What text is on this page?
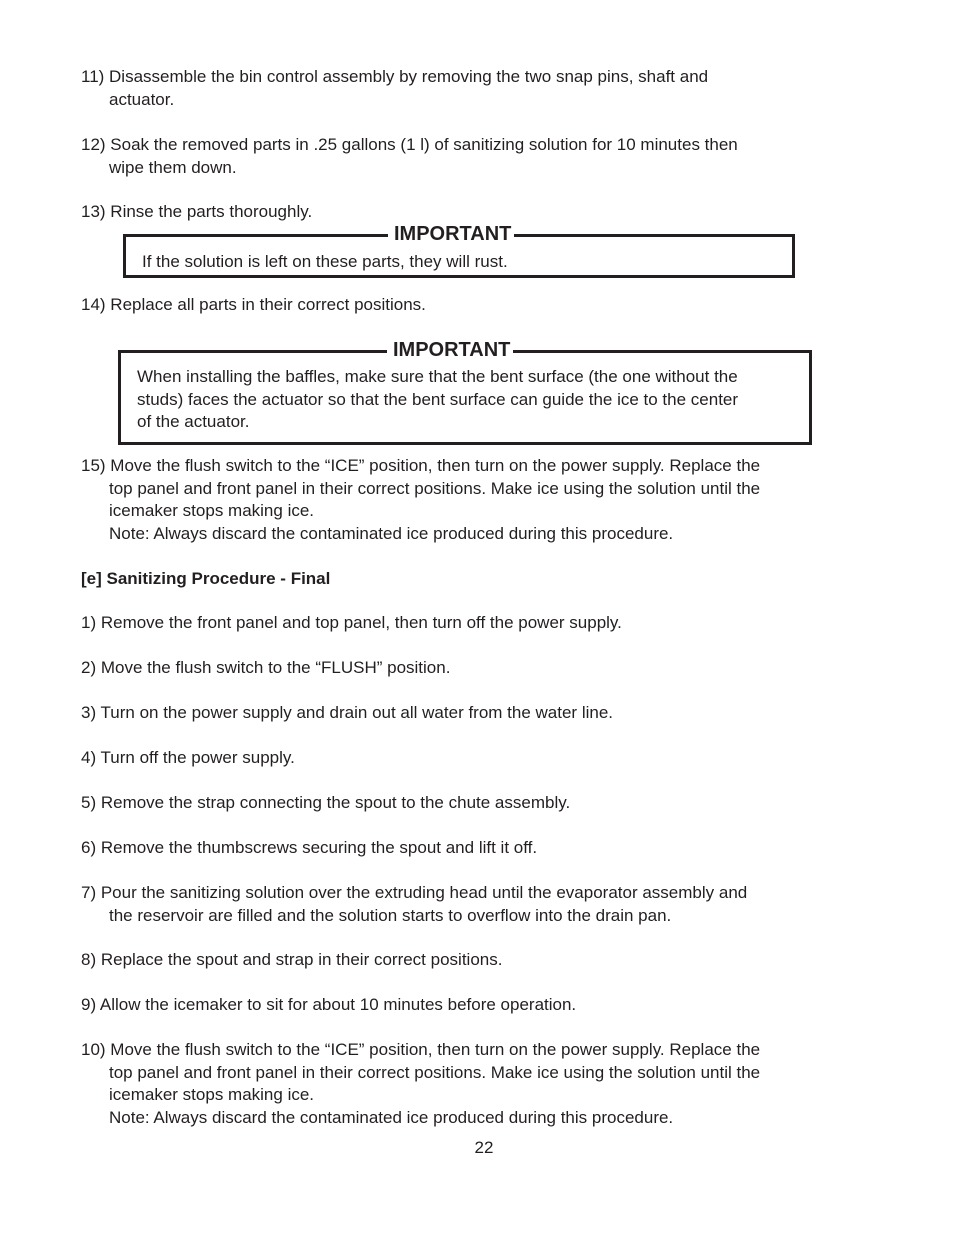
11) Disassemble the bin control assembly by removing the two snap pins, shaft and
actuator.
12) Soak the removed parts in .25 gallons (1 l) of sanitizing solution for 10 minutes then
wipe them down.
13) Rinse the parts thoroughly.
IMPORTANT
If the solution is left on these parts, they will rust.
14) Replace all parts in their correct positions.
IMPORTANT
When installing the baffles, make sure that the bent surface (the one without the
studs) faces the actuator so that the bent surface can guide the ice to the center
of the actuator.
15) Move the flush switch to the “ICE” position, then turn on the power supply. Replace the
top panel and front panel in their correct positions. Make ice using the solution until the
icemaker stops making ice.
Note: Always discard the contaminated ice produced during this procedure.
[e] Sanitizing Procedure - Final
1) Remove the front panel and top panel, then turn off the power supply.
2) Move the flush switch to the “FLUSH” position.
3) Turn on the power supply and drain out all water from the water line.
4) Turn off the power supply.
5) Remove the strap connecting the spout to the chute assembly.
6) Remove the thumbscrews securing the spout and lift it off.
7) Pour the sanitizing solution over the extruding head until the evaporator assembly and
the reservoir are filled and the solution starts to overflow into the drain pan.
8) Replace the spout and strap in their correct positions.
9) Allow the icemaker to sit for about 10 minutes before operation.
10) Move the flush switch to the “ICE” position, then turn on the power supply. Replace the
top panel and front panel in their correct positions. Make ice using the solution until the
icemaker stops making ice.
Note: Always discard the contaminated ice produced during this procedure.
22
